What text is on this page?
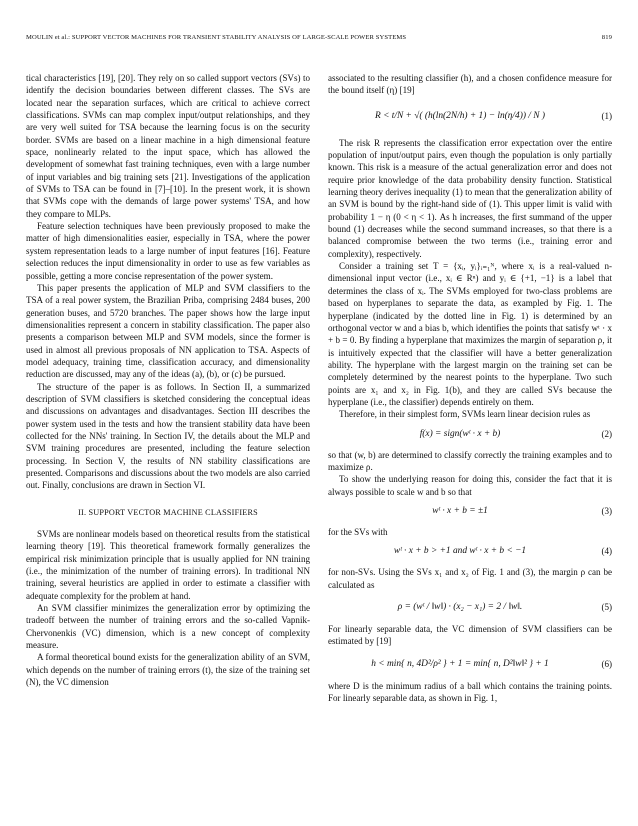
MOULIN et al.: SUPPORT VECTOR MACHINES FOR TRANSIENT STABILITY ANALYSIS OF LARGE-SCALE POWER SYSTEMS	819

tical characteristics [19], [20]. They rely on so called support vectors (SVs) to identify the decision boundaries between different classes. The SVs are located near the separation surfaces, which are critical to achieve correct classifications. SVMs can map complex input/output relationships, and they are very well suited for TSA because the learning focus is on the security border. SVMs are based on a linear machine in a high dimensional feature space, nonlinearly related to the input space, which has allowed the development of somewhat fast training techniques, even with a large number of input variables and big training sets [21]. Investigations of the application of SVMs to TSA can be found in [7]–[10]. In the present work, it is shown that SVMs cope with the demands of large power systems' TSA, and how they compare to MLPs.

Feature selection techniques have been previously proposed to make the matter of high dimensionalities easier, especially in TSA, where the power system representation leads to a large number of input features [16]. Feature selection reduces the input dimensionality in order to use as few variables as possible, getting a more concise representation of the power system.

This paper presents the application of MLP and SVM classifiers to the TSA of a real power system, the Brazilian Priba, comprising 2484 buses, 200 generation buses, and 5720 branches. The paper shows how the large input dimensionalities represent a concern in stability classification. The paper also presents a comparison between MLP and SVM models, since the former is used in almost all previous proposals of NN application to TSA. Aspects of model adequacy, training time, classification accuracy, and dimensionality reduction are discussed, may any of the ideas (a), (b), or (c) be pursued.

The structure of the paper is as follows. In Section II, a summarized description of SVM classifiers is sketched considering the conceptual ideas and discussions on advantages and disadvantages. Section III describes the power system used in the tests and how the transient stability data have been collected for the NNs' training. In Section IV, the details about the MLP and SVM training procedures are presented, including the feature selection processing. In Section V, the results of NN stability classifications are presented. Comparisons and discussions about the two models are also carried out. Finally, conclusions are drawn in Section VI.

II. SUPPORT VECTOR MACHINE CLASSIFIERS

SVMs are nonlinear models based on theoretical results from the statistical learning theory [19]. This theoretical framework formally generalizes the empirical risk minimization principle that is usually applied for NN training (i.e., the minimization of the number of training errors). In traditional NN training, several heuristics are applied in order to estimate a classifier with adequate complexity for the problem at hand.

An SVM classifier minimizes the generalization error by optimizing the tradeoff between the number of training errors and the so-called Vapnik-Chervonenkis (VC) dimension, which is a new concept of complexity measure.

A formal theoretical bound exists for the generalization ability of an SVM, which depends on the number of training errors (t), the size of the training set (N), the VC dimension

associated to the resulting classifier (h), and a chosen confidence measure for the bound itself (η) [19]

R < t/N + √( (h(ln(2N/h) + 1) − ln(η/4)) / N )	(1)

The risk R represents the classification error expectation over the entire population of input/output pairs, even though the population is only partially known. This risk is a measure of the actual generalization error and does not require prior knowledge of the data probability density function. Statistical learning theory derives inequality (1) to mean that the generalization ability of an SVM is bound by the right-hand side of (1). This upper limit is valid with probability 1 − η (0 < η < 1). As h increases, the first summand of the upper bound (1) decreases while the second summand increases, so that there is a balanced compromise between the two terms (i.e., training error and complexity), respectively.

Consider a training set T = {xᵢ, yᵢ}ᵢ₌₁ᴺ, where xᵢ is a real-valued n-dimensional input vector (i.e., xᵢ ∈ Rⁿ) and yᵢ ∈ {+1, −1} is a label that determines the class of xᵢ. The SVMs employed for two-class problems are based on hyperplanes to separate the data, as exampled by Fig. 1. The hyperplane (indicated by the dotted line in Fig. 1) is determined by an orthogonal vector w and a bias b, which identifies the points that satisfy wᵗ · x + b = 0. By finding a hyperplane that maximizes the margin of separation ρ, it is intuitively expected that the classifier will have a better generalization ability. The hyperplane with the largest margin on the training set can be completely determined by the nearest points to the hyperplane. Two such points are x₁ and x₂ in Fig. 1(b), and they are called SVs because the hyperplane (i.e., the classifier) depends entirely on them.

Therefore, in their simplest form, SVMs learn linear decision rules as

f(x) = sign(wᵗ · x + b)	(2)

so that (w, b) are determined to classify correctly the training examples and to maximize ρ.

To show the underlying reason for doing this, consider the fact that it is always possible to scale w and b so that

wᵗ · x + b = ±1	(3)

for the SVs with

wᵗ · x + b > +1 and wᵗ · x + b < −1	(4)

for non-SVs. Using the SVs x₁ and x₂ of Fig. 1 and (3), the margin ρ can be calculated as

ρ = (wᵗ / ‖w‖) · (x₂ − x₁) = 2 / ‖w‖.	(5)

For linearly separable data, the VC dimension of SVM classifiers can be estimated by [19]

h < min{ n, 4D²/ρ² } + 1 = min{ n, D²‖w‖² } + 1	(6)

where D is the minimum radius of a ball which contains the training points. For linearly separable data, as shown in Fig. 1,
